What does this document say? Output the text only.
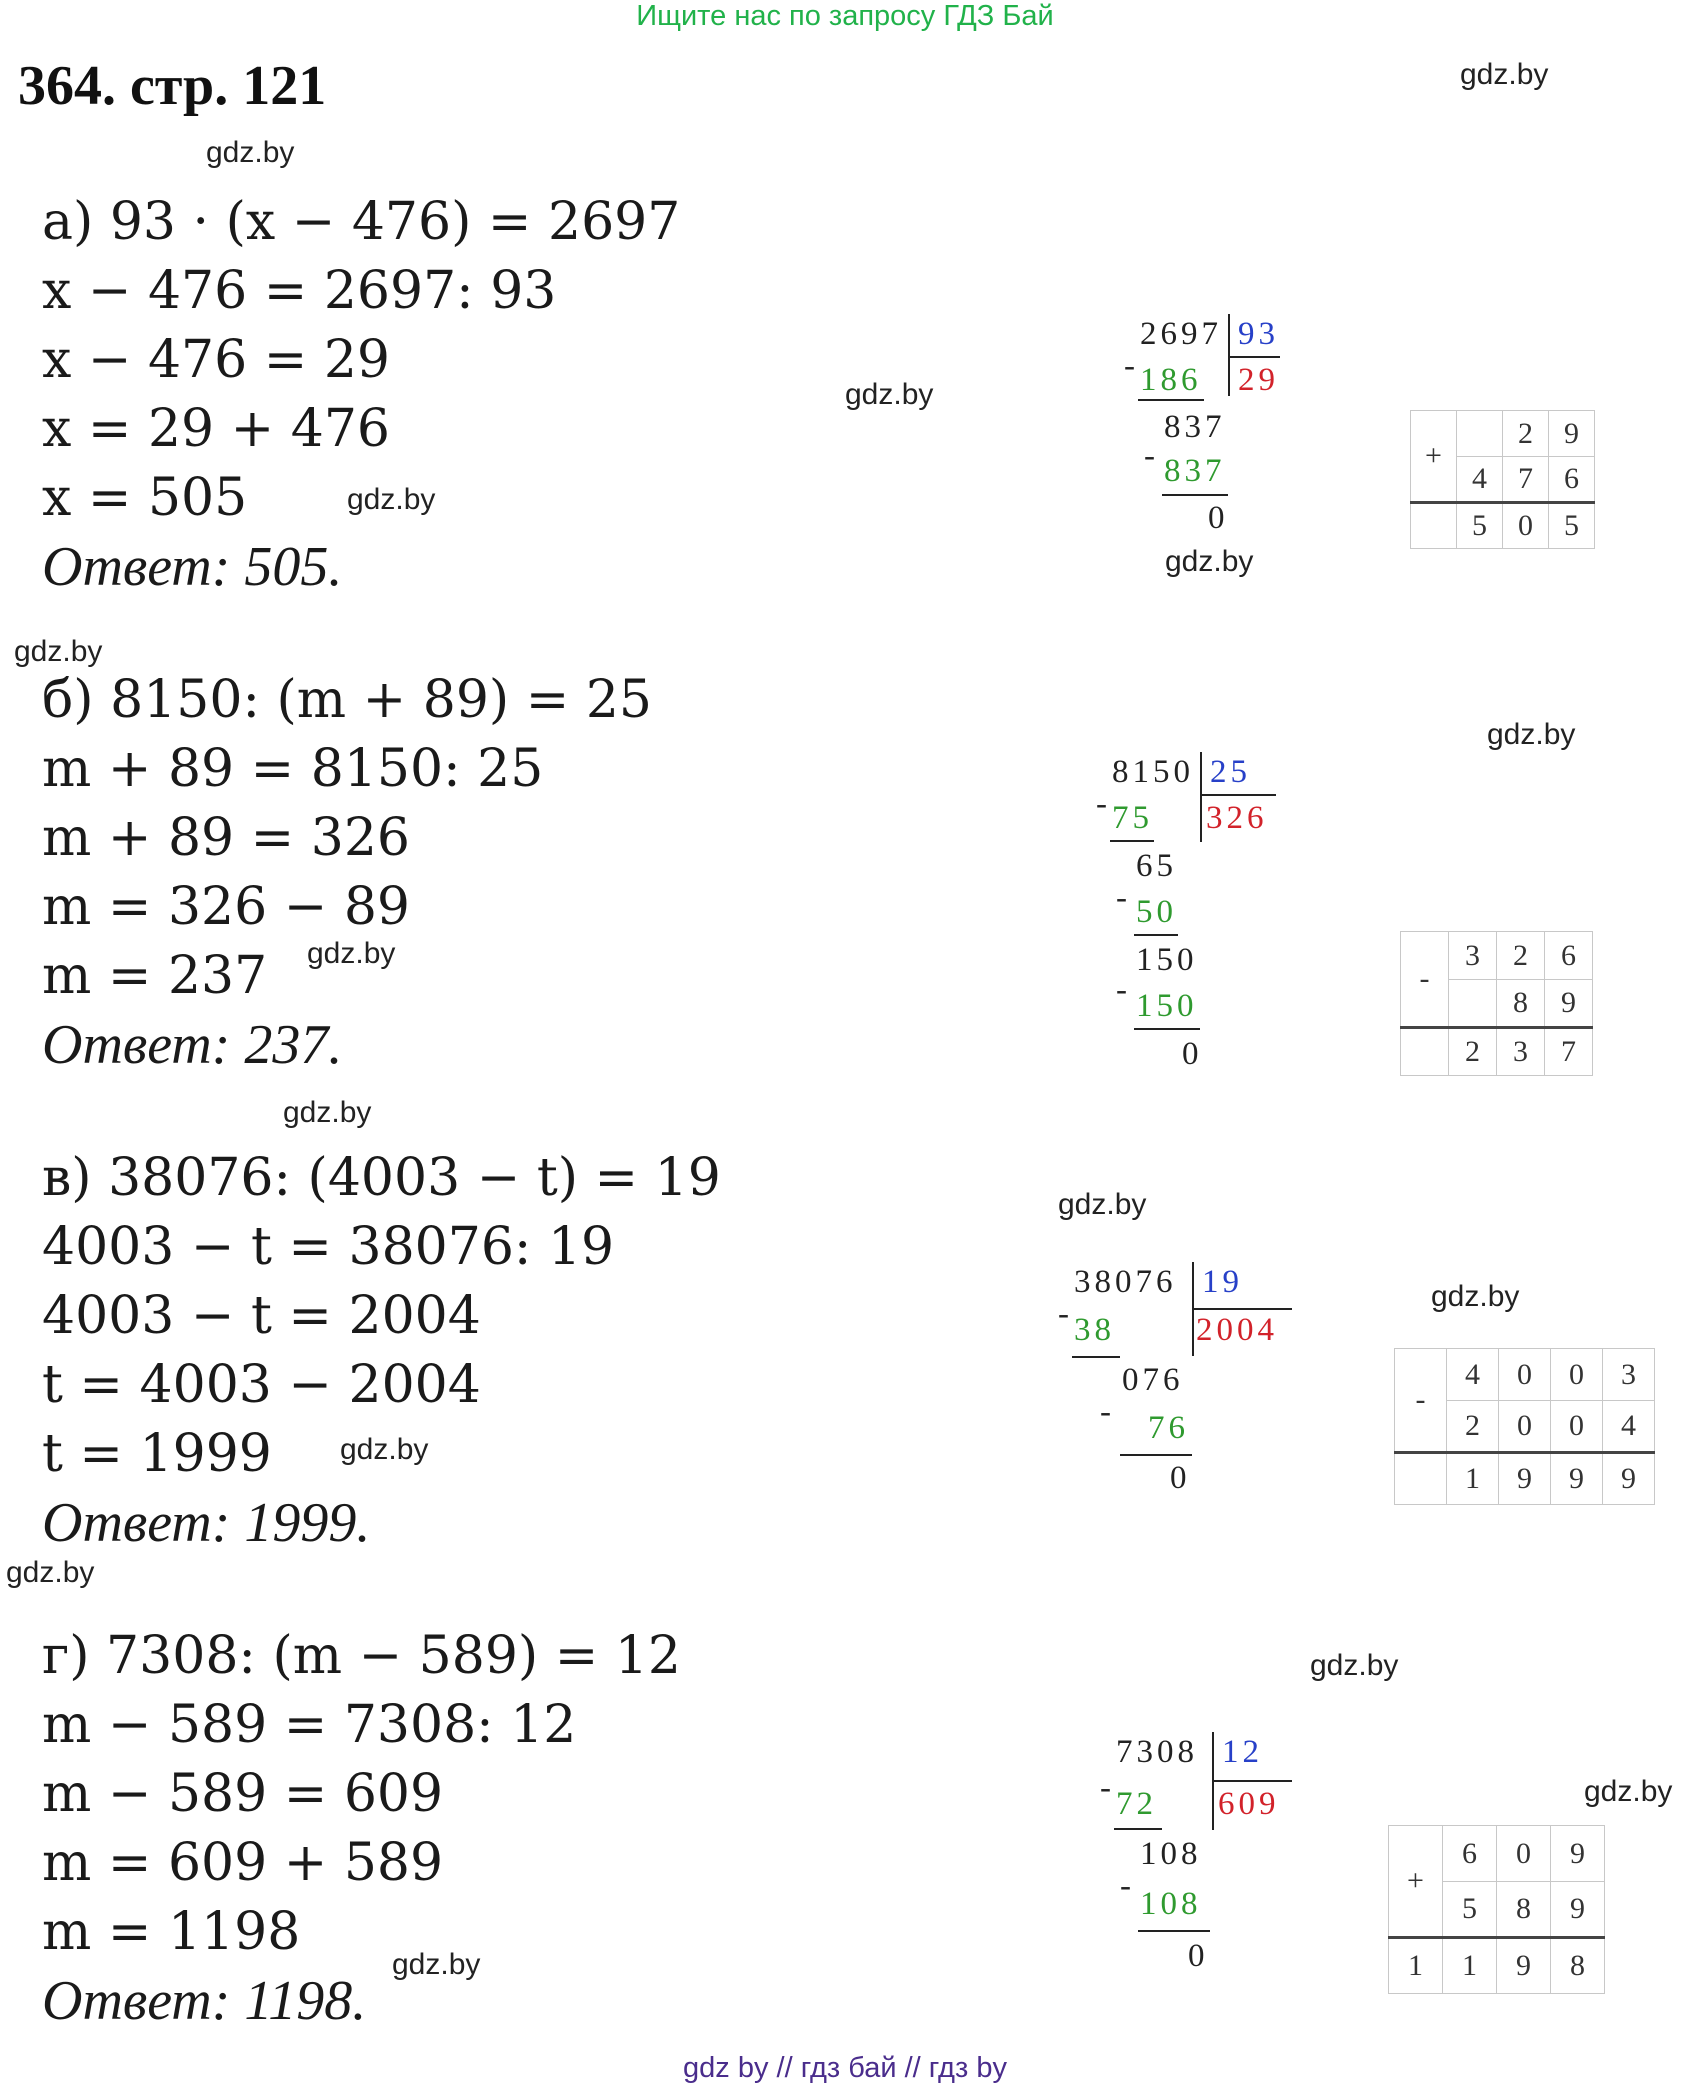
Ищите нас по запросу ГДЗ Бай
364. стр. 121	gdz.by
gdz.by
gdz.by
gdz.by
gdz.by
gdz.by
gdz.by
gdz.by
gdz.by
gdz.by
gdz.by
gdz.by
gdz.by
gdz.by
gdz.by
gdz.by
а) 93 · (x − 476) = 2697
x − 476 = 2697: 93
x − 476 = 29
x = 29 + 476
x = 505
Ответ: 505.
2697 93
29
- 186
837
- 837
0
+		2	9
	4	7	6
	5	0	5
б) 8150: (m + 89) = 25
m + 89 = 8150: 25
m + 89 = 326
m = 326 − 89
m = 237
Ответ: 237.
8150 25
326
- 75
65
- 50
150
- 150
0
-	3	2	6
		8	9
	2	3	7
в) 38076: (4003 − t) = 19
4003 − t = 38076: 19
4003 − t = 2004
t = 4003 − 2004
t = 1999
Ответ: 1999.
38076 19
2004
- 38
076
- 76
0
-	4	0	0	3
	2	0	0	4
	1	9	9	9
г) 7308: (m − 589) = 12
m − 589 = 7308: 12
m − 589 = 609
m = 609 + 589
m = 1198
Ответ: 1198.
7308 12
609
- 72
108
- 108
0
+	6	0	9
	5	8	9
1	1	9	8
gdz by // гдз бай // гдз by
